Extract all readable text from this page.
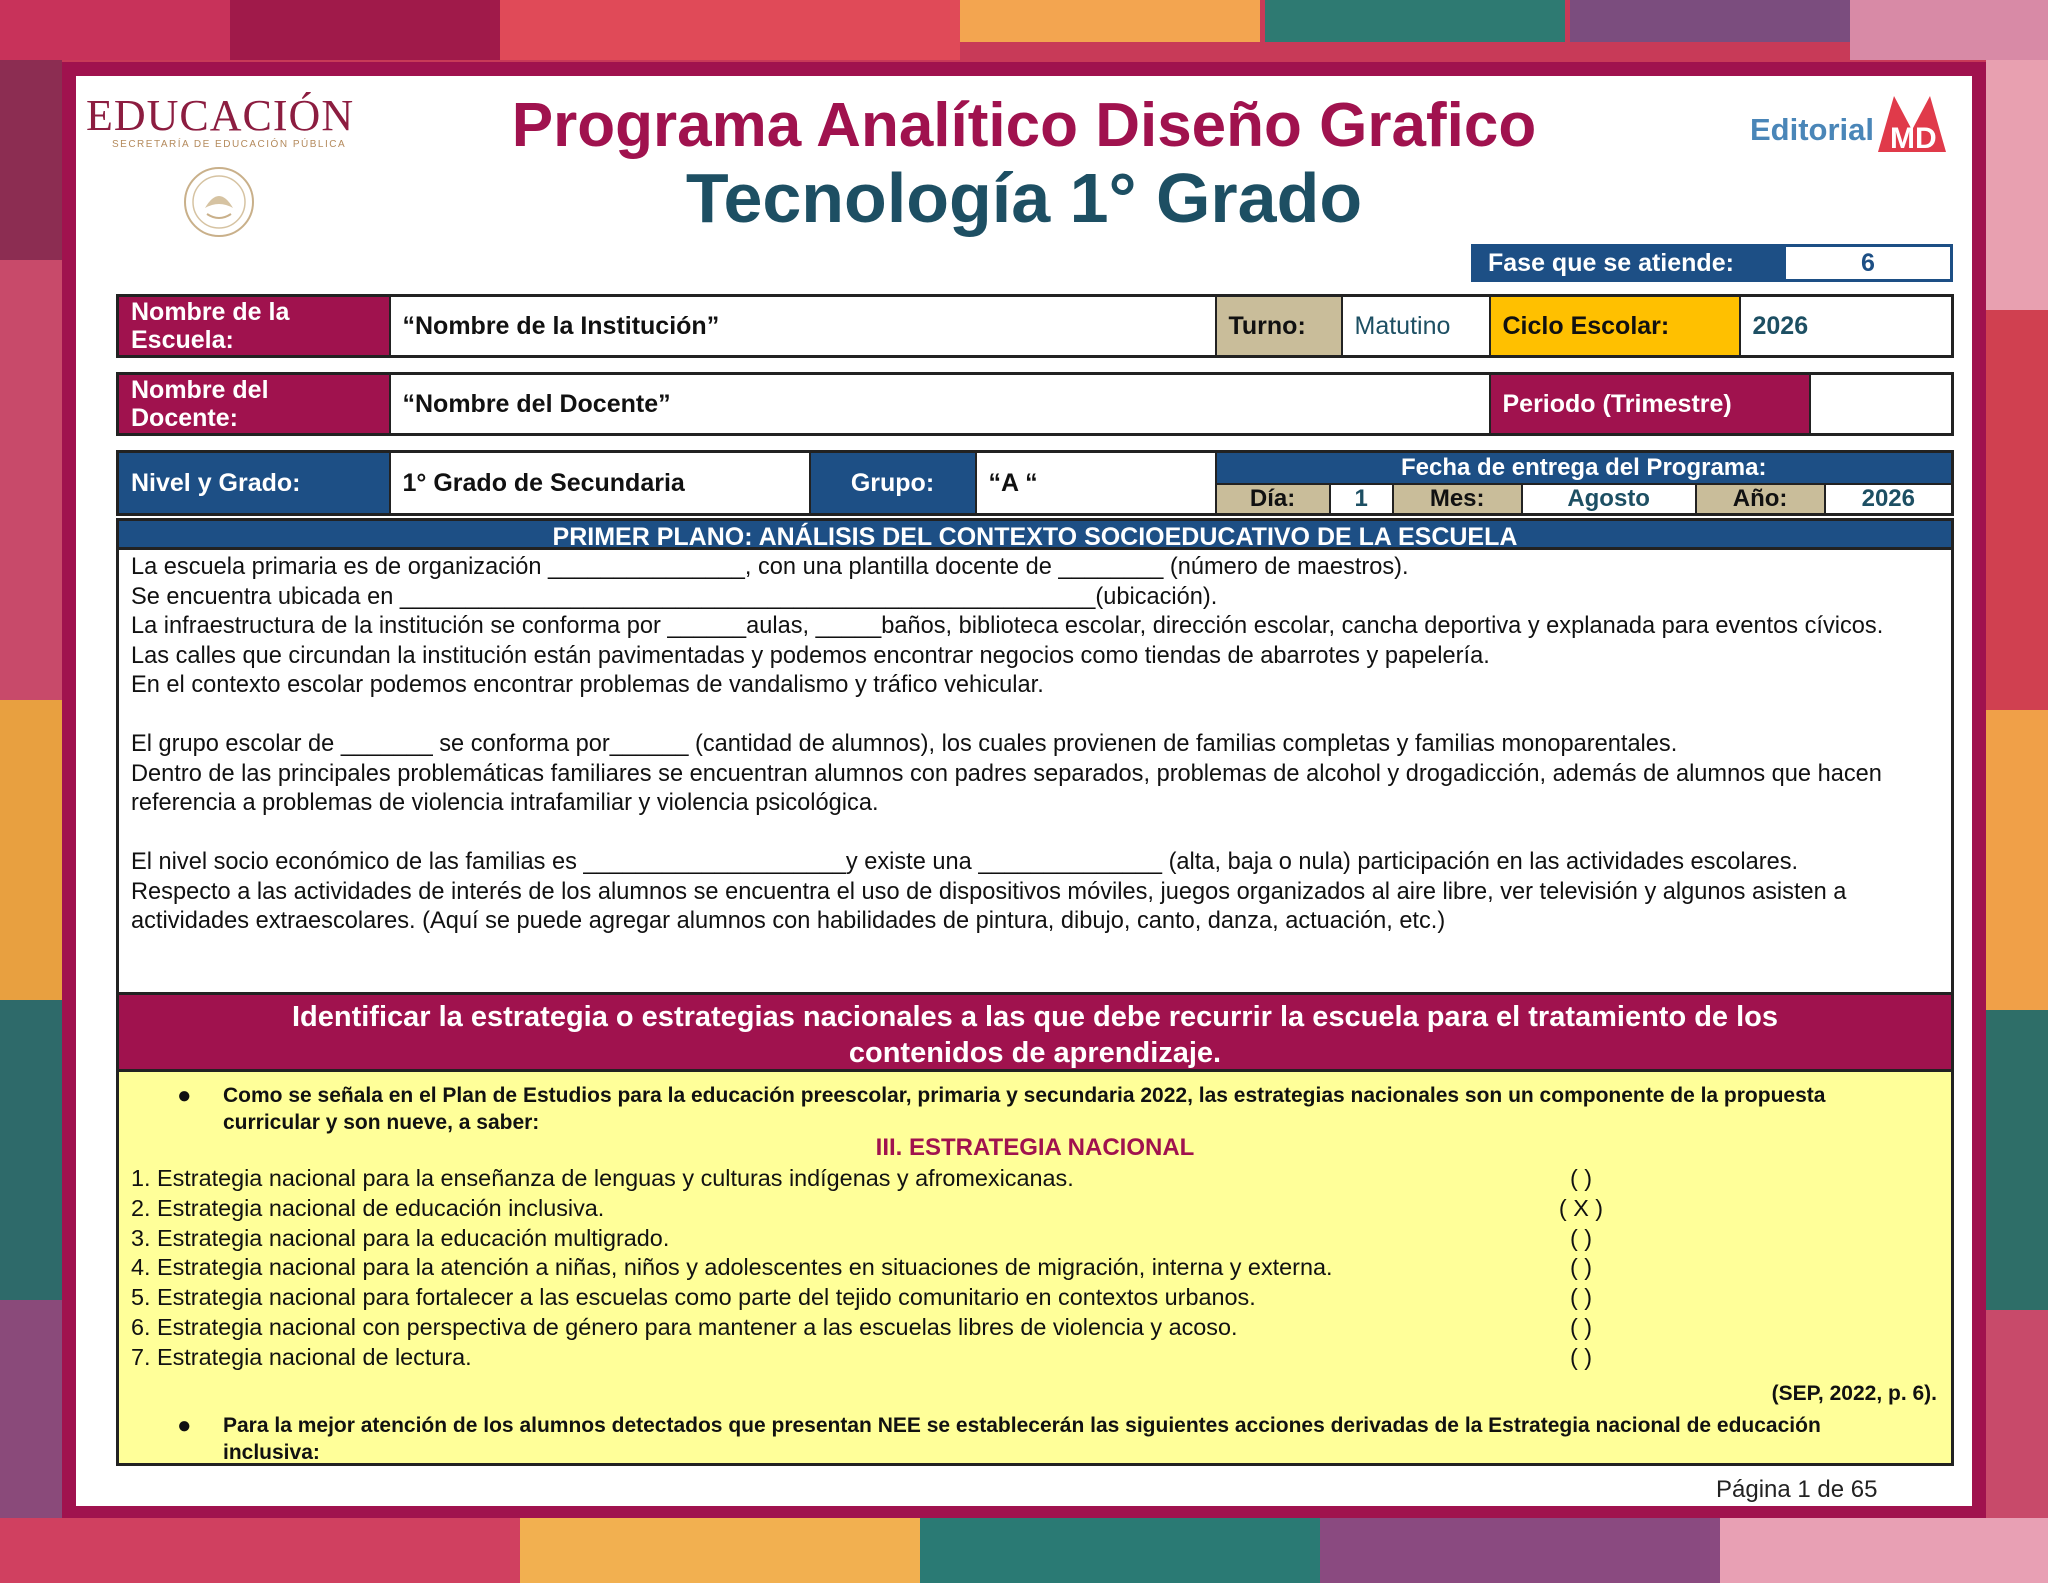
EDUCACIÓN
SECRETARÍA DE EDUCACIÓN PÚBLICA	Programa Analítico Diseño Grafico
Tecnología 1° Grado
Editorial MD
Fase que se atiende:	6
Nombre de la Escuela:	“Nombre de la Institución”	Turno:	Matutino	Ciclo Escolar:	2026
Nombre del Docente:	“Nombre del Docente”	Periodo (Trimestre)	
Nivel y Grado:	1° Grado de Secundaria	Grupo:	“A “	Fecha de entrega del Programa:					
				Día:	1	Mes:	Agosto	Año:	2026
PRIMER PLANO: ANÁLISIS DEL CONTEXTO SOCIOEDUCATIVO DE LA ESCUELA

La escuela primaria es de organización _______________, con una plantilla docente de ________ (número de maestros).

Se encuentra ubicada en _____________________________________________________(ubicación).

La infraestructura de la institución se conforma por ______aulas, _____baños, biblioteca escolar, dirección escolar, cancha deportiva y explanada para eventos cívicos.

Las calles que circundan la institución están pavimentadas y podemos encontrar negocios como tiendas de abarrotes y papelería.

En el contexto escolar podemos encontrar problemas de vandalismo y tráfico vehicular.

El grupo escolar de _______ se conforma por______ (cantidad de alumnos), los cuales provienen de familias completas y familias monoparentales.

Dentro de las principales problemáticas familiares se encuentran alumnos con padres separados, problemas de alcohol y drogadicción, además de alumnos que hacen referencia a problemas de violencia intrafamiliar y violencia psicológica.

El nivel socio económico de las familias es ____________________y existe una ______________ (alta, baja o nula) participación en las actividades escolares.

Respecto a las actividades de interés de los alumnos se encuentra el uso de dispositivos móviles, juegos organizados al aire libre, ver televisión y algunos asisten a actividades extraescolares. (Aquí se puede agregar alumnos con habilidades de pintura, dibujo, canto, danza, actuación, etc.)

Identificar la estrategia o estrategias nacionales a las que debe recurrir la escuela para el tratamiento de los contenidos de aprendizaje.
● Como se señala en el Plan de Estudios para la educación preescolar, primaria y secundaria 2022, las estrategias nacionales son un componente de la propuesta curricular y son nueve, a saber:
III. ESTRATEGIA NACIONAL
1. Estrategia nacional para la enseñanza de lenguas y culturas indígenas y afromexicanas.	( )
2. Estrategia nacional de educación inclusiva.	( X )
3. Estrategia nacional para la educación multigrado.	( )
4. Estrategia nacional para la atención a niñas, niños y adolescentes en situaciones de migración, interna y externa.	( )
5. Estrategia nacional para fortalecer a las escuelas como parte del tejido comunitario en contextos urbanos.	( )
6. Estrategia nacional con perspectiva de género para mantener a las escuelas libres de violencia y acoso.	( )
7. Estrategia nacional de lectura.	( )
(SEP, 2022, p. 6).
● Para la mejor atención de los alumnos detectados que presentan NEE se establecerán las siguientes acciones derivadas de la Estrategia nacional de educación inclusiva:
Página 1 de 65
